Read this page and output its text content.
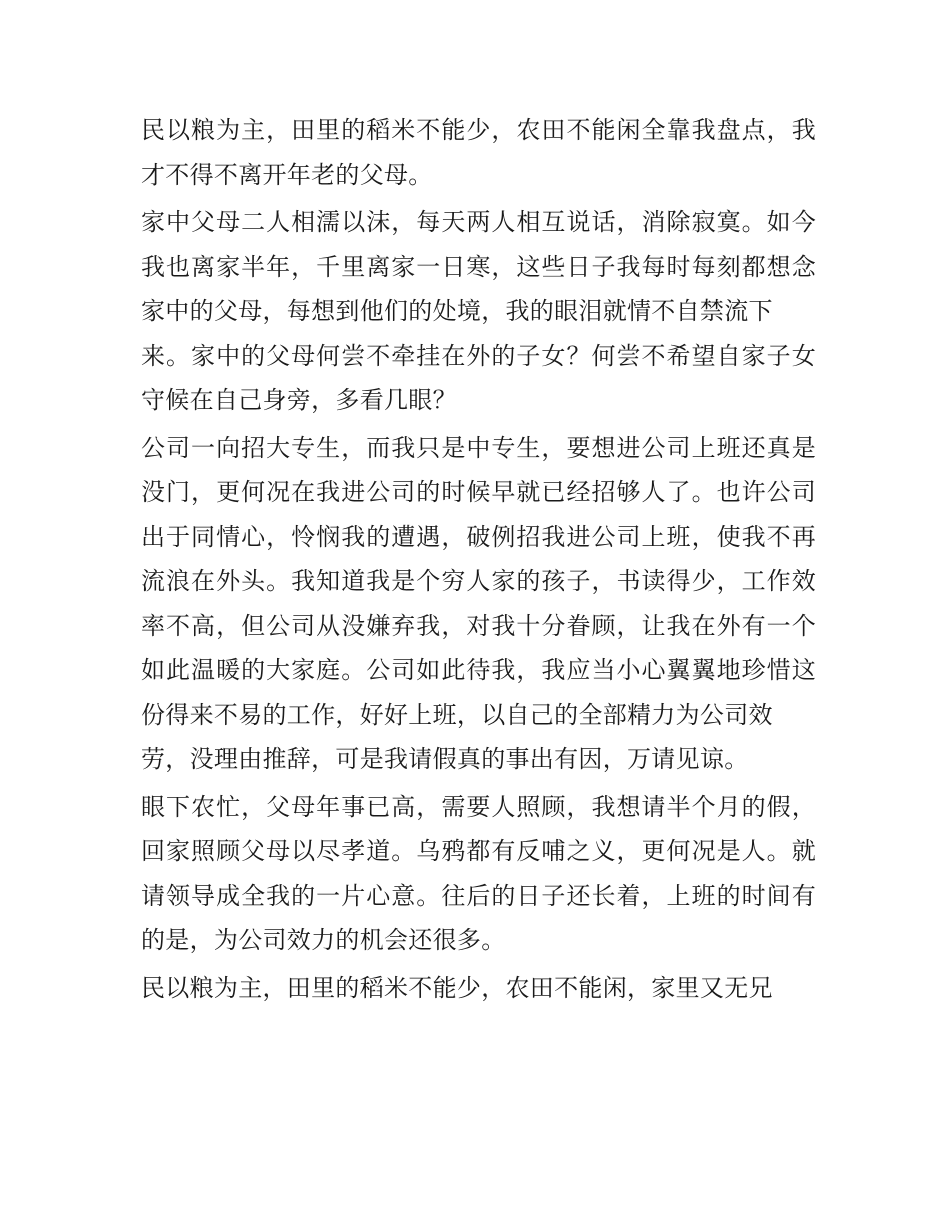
民以粮为主，田里的稻米不能少，农田不能闲全靠我盘点，我
才不得不离开年老的父母。
家中父母二人相濡以沫，每天两人相互说话，消除寂寞。如今
我也离家半年，千里离家一日寒，这些日子我每时每刻都想念
家中的父母，每想到他们的处境，我的眼泪就情不自禁流下
来。家中的父母何尝不牵挂在外的子女？何尝不希望自家子女
守候在自己身旁，多看几眼？
公司一向招大专生，而我只是中专生，要想进公司上班还真是
没门，更何况在我进公司的时候早就已经招够人了。也许公司
出于同情心，怜悯我的遭遇，破例招我进公司上班，使我不再
流浪在外头。我知道我是个穷人家的孩子，书读得少，工作效
率不高，但公司从没嫌弃我，对我十分眷顾，让我在外有一个
如此温暖的大家庭。公司如此待我，我应当小心翼翼地珍惜这
份得来不易的工作，好好上班，以自己的全部精力为公司效
劳，没理由推辞，可是我请假真的事出有因，万请见谅。
眼下农忙，父母年事已高，需要人照顾，我想请半个月的假，
回家照顾父母以尽孝道。乌鸦都有反哺之义，更何况是人。就
请领导成全我的一片心意。往后的日子还长着，上班的时间有
的是，为公司效力的机会还很多。
民以粮为主，田里的稻米不能少，农田不能闲，家里又无兄
